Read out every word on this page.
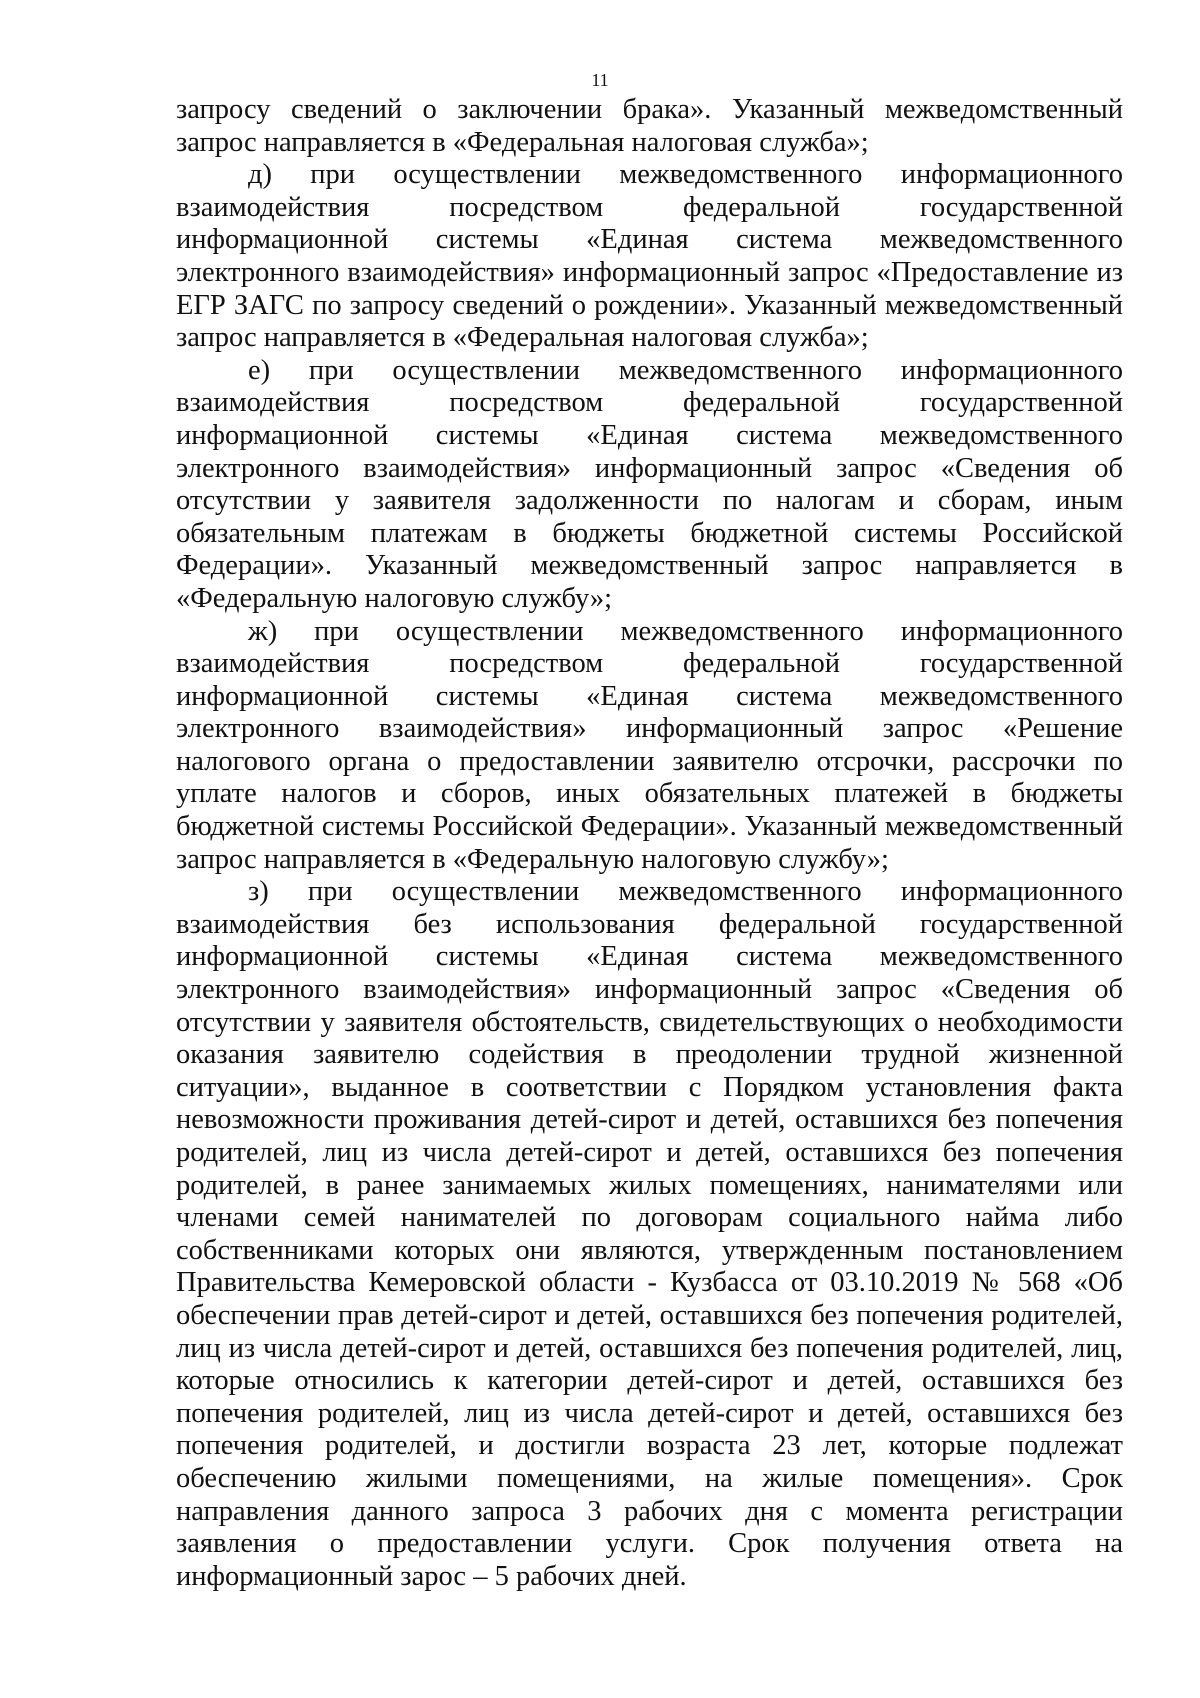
11

запросу сведений о заключении брака». Указанный межведомственный запрос направляется в «Федеральная налоговая служба»;

д) при осуществлении межведомственного информационного взаимодействия посредством федеральной государственной информационной системы «Единая система межведомственного электронного взаимодействия» информационный запрос «Предоставление из ЕГР ЗАГС по запросу сведений о рождении». Указанный межведомственный запрос направляется в «Федеральная налоговая служба»;

е) при осуществлении межведомственного информационного взаимодействия посредством федеральной государственной информационной системы «Единая система межведомственного электронного взаимодействия» информационный запрос «Сведения об отсутствии у заявителя задолженности по налогам и сборам, иным обязательным платежам в бюджеты бюджетной системы Российской Федерации». Указанный межведомственный запрос направляется в «Федеральную налоговую службу»;

ж) при осуществлении межведомственного информационного взаимодействия посредством федеральной государственной информационной системы «Единая система межведомственного электронного взаимодействия» информационный запрос «Решение налогового органа о предоставлении заявителю отсрочки, рассрочки по уплате налогов и сборов, иных обязательных платежей в бюджеты бюджетной системы Российской Федерации». Указанный межведомственный запрос направляется в «Федеральную налоговую службу»;

з) при осуществлении межведомственного информационного взаимодействия без использования федеральной государственной информационной системы «Единая система межведомственного электронного взаимодействия» информационный запрос «Сведения об отсутствии у заявителя обстоятельств, свидетельствующих о необходимости оказания заявителю содействия в преодолении трудной жизненной ситуации», выданное в соответствии с Порядком установления факта невозможности проживания детей-сирот и детей, оставшихся без попечения родителей, лиц из числа детей-сирот и детей, оставшихся без попечения родителей, в ранее занимаемых жилых помещениях, нанимателями или членами семей нанимателей по договорам социального найма либо собственниками которых они являются, утвержденным постановлением Правительства Кемеровской области - Кузбасса от 03.10.2019 № 568 «Об обеспечении прав детей-сирот и детей, оставшихся без попечения родителей, лиц из числа детей-сирот и детей, оставшихся без попечения родителей, лиц, которые относились к категории детей-сирот и детей, оставшихся без попечения родителей, лиц из числа детей-сирот и детей, оставшихся без попечения родителей, и достигли возраста 23 лет, которые подлежат обеспечению жилыми помещениями, на жилые помещения». Срок направления данного запроса 3 рабочих дня с момента регистрации заявления о предоставлении услуги. Срок получения ответа на информационный зарос – 5 рабочих дней.
